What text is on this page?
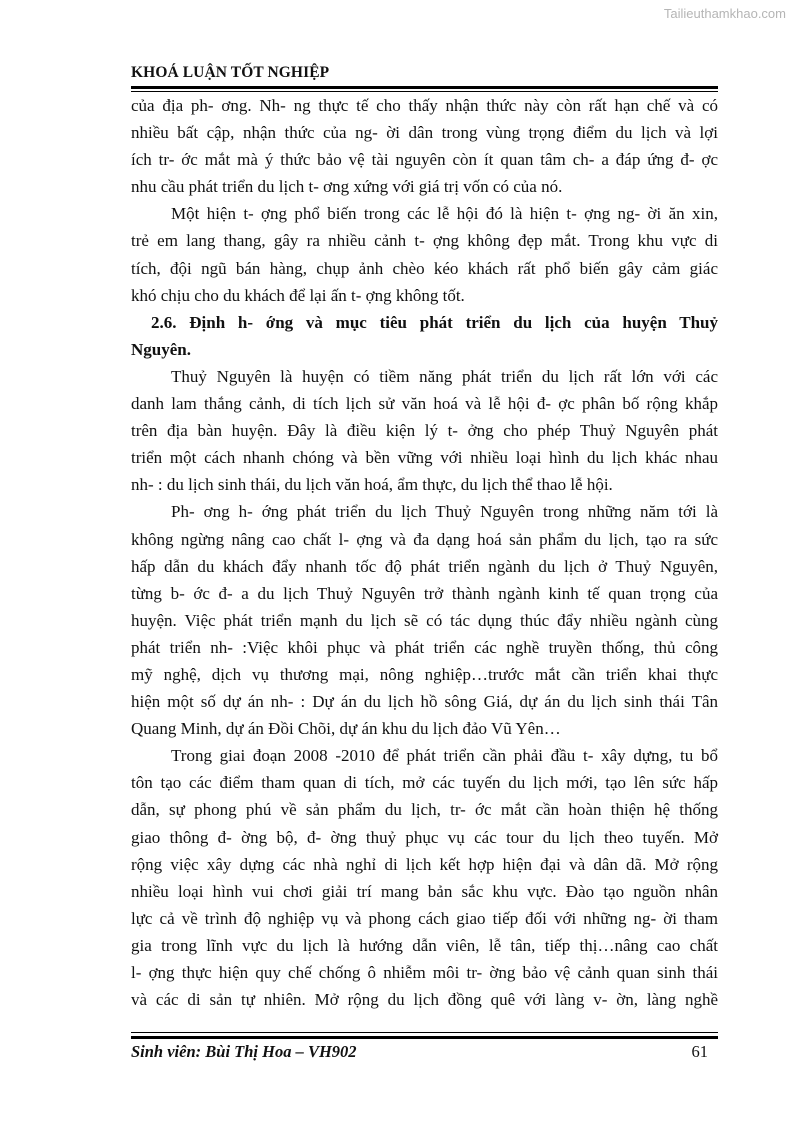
Tailieuthamkhao.com
KHOÁ LUẬN TỐT NGHIỆP
của địa ph- ơng. Nh- ng thực tế cho thấy nhận thức này còn rất hạn chế và có
nhiều bất cập, nhận thức của ng- ời dân trong vùng trọng điểm du lịch và lợi
ích tr- ớc mắt mà ý thức bảo vệ tài nguyên còn ít quan tâm ch- a đáp ứng đ- ợc
nhu cầu phát triển du lịch t- ơng xứng với giá trị vốn có của nó.
Một hiện t- ợng phổ biến trong các lễ hội đó là hiện t- ợng ng- ời ăn xin,
trẻ em lang thang, gây ra nhiều cảnh t- ợng không đẹp mắt. Trong khu vực di
tích, đội ngũ bán hàng, chụp ảnh chèo kéo khách rất phổ biến gây cảm giác
khó chịu cho du khách để lại ấn t- ợng không tốt.
2.6. Định h- ớng và mục tiêu phát triển du lịch của huyện Thuỷ
Nguyên.
Thuỷ Nguyên là huyện có tiềm năng phát triển du lịch rất lớn với các
danh lam thắng cảnh, di tích lịch sử văn hoá và lễ hội đ- ợc phân bố rộng khắp
trên địa bàn huyện. Đây là điều kiện lý t- ởng cho phép Thuỷ Nguyên phát
triển một cách nhanh chóng và bền vững với nhiều loại hình du lịch khác nhau
nh- : du lịch sinh thái, du lịch văn hoá, ẩm thực, du lịch thể thao lễ hội.
Ph- ơng h- ớng phát triển du lịch Thuỷ Nguyên trong những năm tới là
không ngừng nâng cao chất l- ợng và đa dạng hoá sản phẩm du lịch, tạo ra sức
hấp dẫn du khách đẩy nhanh tốc độ phát triển ngành du lịch ở Thuỷ Nguyên,
từng b- ớc đ- a du lịch Thuỷ Nguyên trở thành ngành kinh tế quan trọng của
huyện. Việc phát triển mạnh du lịch sẽ có tác dụng thúc đẩy nhiều ngành cùng
phát triển nh- :Việc khôi phục và phát triển các nghề truyền thống, thủ công
mỹ nghệ, dịch vụ thương mại, nông nghiệp…trước mắt cần triển khai thực
hiện một số dự án nh- : Dự án du lịch hồ sông Giá, dự án du lịch sinh thái Tân
Quang Minh, dự án Đồi Chõi, dự án khu du lịch đảo Vũ Yên…
Trong giai đoạn 2008 -2010 để phát triển cần phải đầu t- xây dựng, tu bổ
tôn tạo các điểm tham quan di tích, mở các tuyến du lịch mới, tạo lên sức hấp
dẫn, sự phong phú về sản phẩm du lịch, tr- ớc mắt cần hoàn thiện hệ thống
giao thông đ- ờng bộ, đ- ờng thuỷ phục vụ các tour du lịch theo tuyến. Mở
rộng việc xây dựng các nhà nghỉ di lịch kết hợp hiện đại và dân dã. Mở rộng
nhiều loại hình vui chơi giải trí mang bản sắc khu vực. Đào tạo nguồn nhân
lực cả về trình độ nghiệp vụ và phong cách giao tiếp đối với những ng- ời tham
gia trong lĩnh vực du lịch là hướng dẫn viên, lễ tân, tiếp thị…nâng cao chất
l- ợng thực hiện quy chế chống ô nhiễm môi tr- ờng bảo vệ cảnh quan sinh thái
và các di sản tự nhiên. Mở rộng du lịch đồng quê với làng v- ờn, làng nghề
Sinh viên: Bùi Thị Hoa – VH902	61
